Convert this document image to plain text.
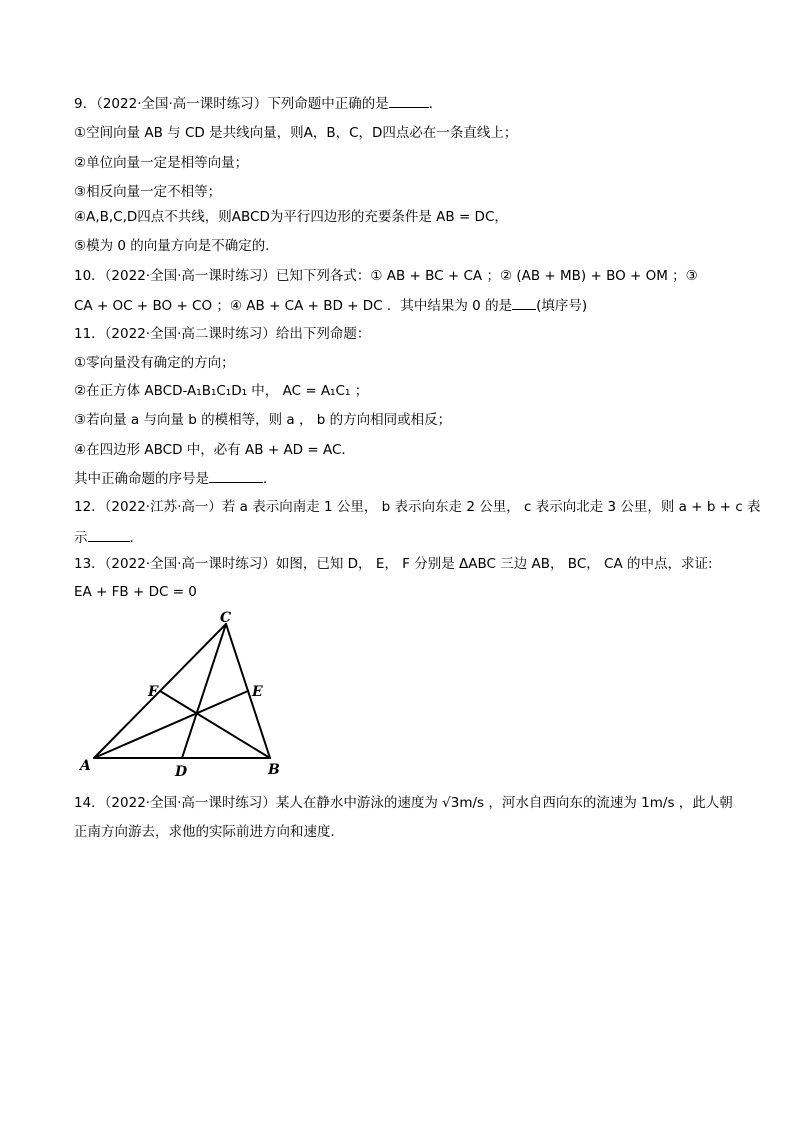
9．（2022·全国·高一课时练习）下列命题中正确的是	．
①空间向量 AB 与 CD 是共线向量，则A，B，C，D四点必在一条直线上；
②单位向量一定是相等向量；
③相反向量一定不相等；
④A,B,C,D四点不共线，则ABCD为平行四边形的充要条件是 AB = DC，
⑤模为 0 的向量方向是不确定的．
10．（2022·全国·高一课时练习）已知下列各式：① AB + BC + CA ；② (AB + MB) + BO + OM ；③
CA + OC + BO + CO ；④ AB + CA + BD + DC ．其中结果为 0 的是 (填序号)
11．（2022·全国·高二课时练习）给出下列命题：
①零向量没有确定的方向；
②在正方体 ABCD-A₁B₁C₁D₁ 中， AC = A₁C₁ ；
③若向量 a 与向量 b 的模相等，则 a ， b 的方向相同或相反；
④在四边形 ABCD 中，必有 AB + AD = AC．
其中正确命题的序号是	．
12．（2022·江苏·高一）若 a 表示向南走 1 公里， b 表示向东走 2 公里， c 表示向北走 3 公里，则 a + b + c 表
示	．
13．（2022·全国·高一课时练习）如图，已知 D， E， F 分别是 ΔABC 三边 AB， BC， CA 的中点，求证:
EA + FB + DC = 0
C
F	E
A	D	B
14．（2022·全国·高一课时练习）某人在静水中游泳的速度为 √3m/s ，河水自西向东的流速为 1m/s ，此人朝
正南方向游去，求他的实际前进方向和速度．
